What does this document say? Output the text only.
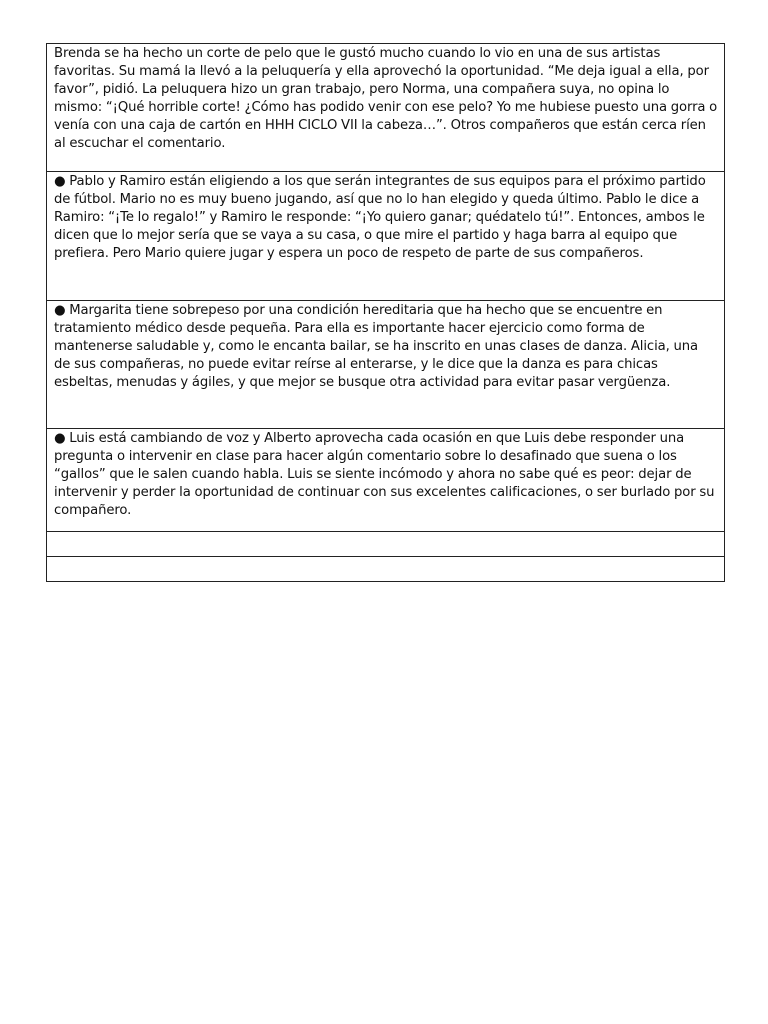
Brenda se ha hecho un corte de pelo que le gustó mucho cuando lo vio en una de sus artistas favoritas. Su mamá la llevó a la peluquería y ella aprovechó la oportunidad. “Me deja igual a ella, por favor”, pidió. La peluquera hizo un gran trabajo, pero Norma, una compañera suya, no opina lo mismo: “¡Qué horrible corte! ¿Cómo has podido venir con ese pelo? Yo me hubiese puesto una gorra o venía con una caja de cartón en HHH CICLO VII la cabeza…”. Otros compañeros que están cerca ríen al escuchar el comentario.

● Pablo y Ramiro están eligiendo a los que serán integrantes de sus equipos para el próximo partido de fútbol. Mario no es muy bueno jugando, así que no lo han elegido y queda último. Pablo le dice a Ramiro: “¡Te lo regalo!” y Ramiro le responde: “¡Yo quiero ganar; quédatelo tú!”. Entonces, ambos le dicen que lo mejor sería que se vaya a su casa, o que mire el partido y haga barra al equipo que prefiera. Pero Mario quiere jugar y espera un poco de respeto de parte de sus compañeros.

● Margarita tiene sobrepeso por una condición hereditaria que ha hecho que se encuentre en tratamiento médico desde pequeña. Para ella es importante hacer ejercicio como forma de mantenerse saludable y, como le encanta bailar, se ha inscrito en unas clases de danza. Alicia, una de sus compañeras, no puede evitar reírse al enterarse, y le dice que la danza es para chicas esbeltas, menudas y ágiles, y que mejor se busque otra actividad para evitar pasar vergüenza.

● Luis está cambiando de voz y Alberto aprovecha cada ocasión en que Luis debe responder una pregunta o intervenir en clase para hacer algún comentario sobre lo desafinado que suena o los “gallos” que le salen cuando habla. Luis se siente incómodo y ahora no sabe qué es peor: dejar de intervenir y perder la oportunidad de continuar con sus excelentes calificaciones, o ser burlado por su compañero.
